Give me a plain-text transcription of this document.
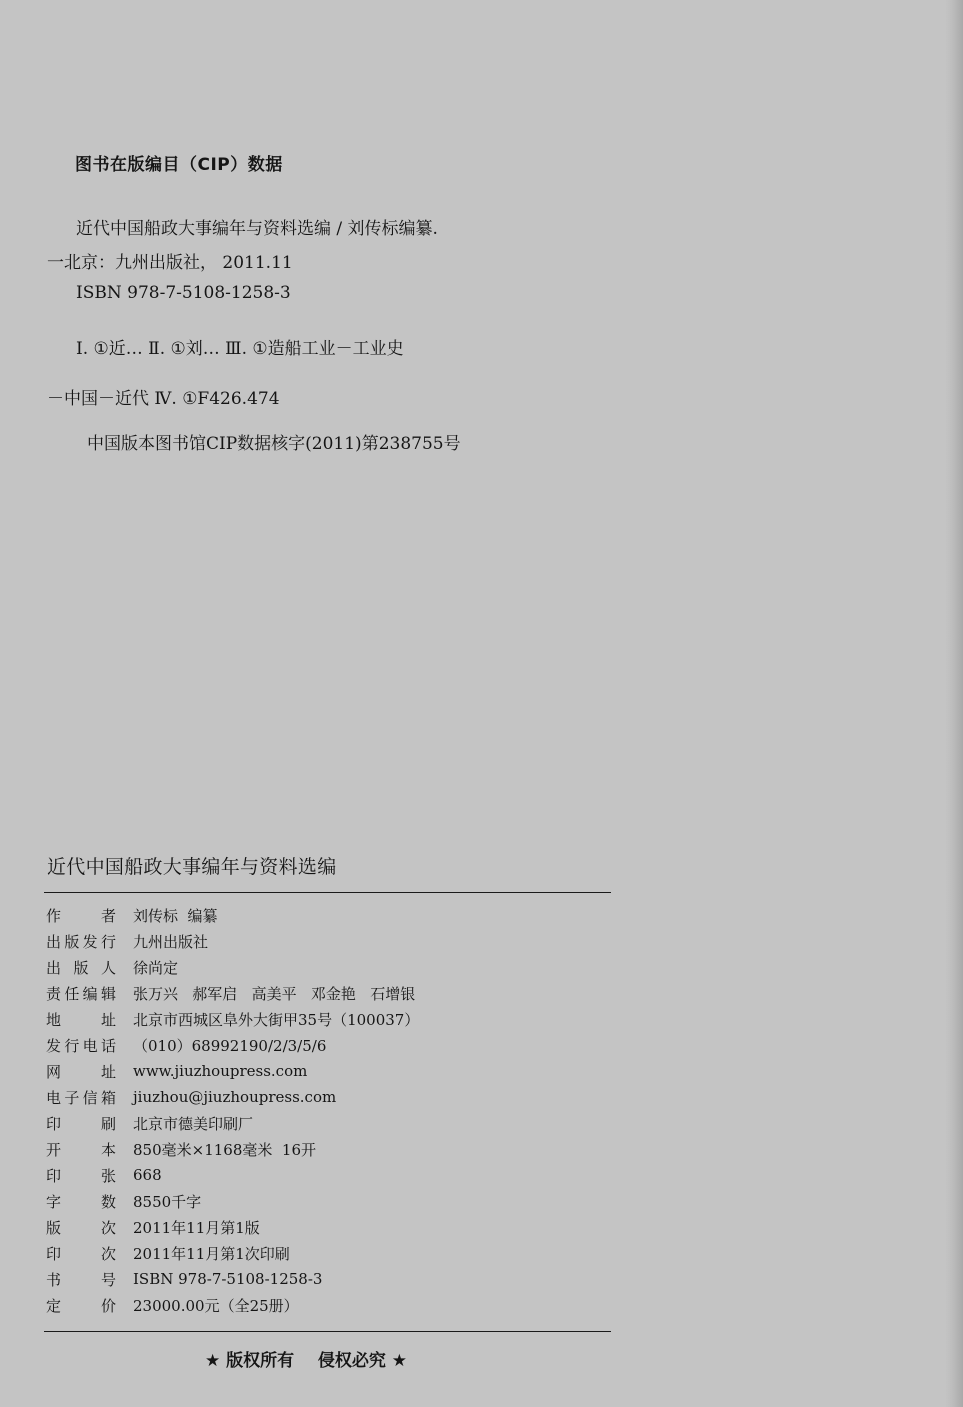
图书在版编目（CIP）数据
近代中国船政大事编年与资料选编 / 刘传标编纂.
一北京：九州出版社， 2011.11
ISBN 978-7-5108-1258-3
Ⅰ. ①近… Ⅱ. ①刘… Ⅲ. ①造船工业－工业史
－中国－近代 Ⅳ. ①F426.474
中国版本图书馆CIP数据核字(2011)第238755号
近代中国船政大事编年与资料选编
作	者 刘传标  编纂
出 版 发 行 九州出版社
出 版 人 徐尚定
责 任 编 辑 张万兴   郝军启   高美平   邓金艳   石增银
地	址 北京市西城区阜外大街甲35号（100037）
发 行 电 话 （010）68992190/2/3/5/6
网	址 www.jiuzhoupress.com
电 子 信 箱 jiuzhou@jiuzhoupress.com
印	刷 北京市德美印刷厂
开	本 850毫米×1168毫米  16开
印	张 668
字	数 8550千字
版	次 2011年11月第1版
印	次 2011年11月第1次印刷
书	号 ISBN 978-7-5108-1258-3
定	价 23000.00元（全25册）
★ 版权所有    侵权必究 ★
